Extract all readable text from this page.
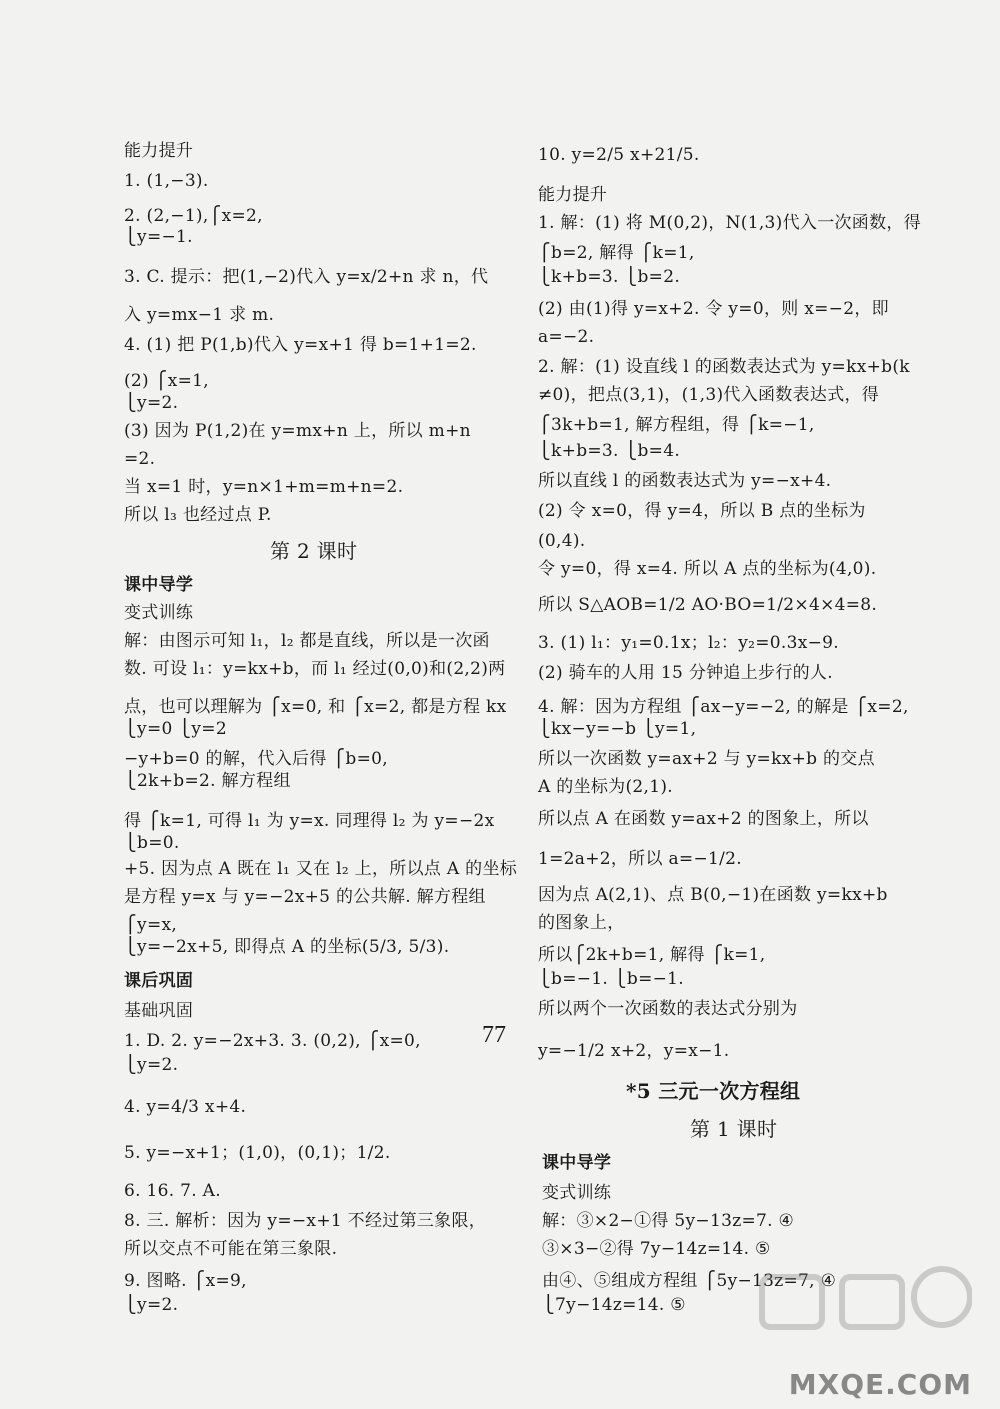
能力提升
1. (1,−3).
2. (2,−1),⎧x=2,
⎩y=−1.
3. C. 提示：把(1,−2)代入 y=x/2+n 求 n，代
入 y=mx−1 求 m.
4. (1) 把 P(1,b)代入 y=x+1 得 b=1+1=2.
(2) ⎧x=1,
⎩y=2.
(3) 因为 P(1,2)在 y=mx+n 上，所以 m+n
=2.
当 x=1 时，y=n×1+m=m+n=2.
所以 l₃ 也经过点 P.
第 2 课时
课中导学
变式训练
解：由图示可知 l₁，l₂ 都是直线，所以是一次函
数. 可设 l₁：y=kx+b，而 l₁ 经过(0,0)和(2,2)两
点，也可以理解为 ⎧x=0, 和 ⎧x=2, 都是方程 kx
⎩y=0 ⎩y=2
−y+b=0 的解，代入后得 ⎧b=0,
⎩2k+b=2. 解方程组
得 ⎧k=1, 可得 l₁ 为 y=x. 同理得 l₂ 为 y=−2x
⎩b=0.
+5. 因为点 A 既在 l₁ 又在 l₂ 上，所以点 A 的坐标
是方程 y=x 与 y=−2x+5 的公共解. 解方程组
⎧y=x,
⎩y=−2x+5, 即得点 A 的坐标(5/3, 5/3).
课后巩固
基础巩固
1. D. 2. y=−2x+3. 3. (0,2), ⎧x=0,
⎩y=2.
4. y=4/3 x+4.
5. y=−x+1；(1,0)，(0,1)；1/2.
6. 16. 7. A.
8. 三. 解析：因为 y=−x+1 不经过第三象限，
所以交点不可能在第三象限.
9. 图略. ⎧x=9,
⎩y=2.
10. y=2/5 x+21/5.
能力提升
1. 解：(1) 将 M(0,2)，N(1,3)代入一次函数，得
⎧b=2, 解得 ⎧k=1,
⎩k+b=3. ⎩b=2.
(2) 由(1)得 y=x+2. 令 y=0，则 x=−2，即
a=−2.
2. 解：(1) 设直线 l 的函数表达式为 y=kx+b(k
≠0)，把点(3,1)，(1,3)代入函数表达式，得
⎧3k+b=1, 解方程组，得 ⎧k=−1,
⎩k+b=3. ⎩b=4.
所以直线 l 的函数表达式为 y=−x+4.
(2) 令 x=0，得 y=4，所以 B 点的坐标为
(0,4).
令 y=0，得 x=4. 所以 A 点的坐标为(4,0).
所以 S△AOB=1/2 AO·BO=1/2×4×4=8.
3. (1) l₁：y₁=0.1x；l₂：y₂=0.3x−9.
(2) 骑车的人用 15 分钟追上步行的人.
4. 解：因为方程组 ⎧ax−y=−2, 的解是 ⎧x=2,
⎩kx−y=−b ⎩y=1,
所以一次函数 y=ax+2 与 y=kx+b 的交点
A 的坐标为(2,1).
所以点 A 在函数 y=ax+2 的图象上，所以
1=2a+2，所以 a=−1/2.
因为点 A(2,1)、点 B(0,−1)在函数 y=kx+b
的图象上，
所以⎧2k+b=1, 解得 ⎧k=1,
⎩b=−1. ⎩b=−1.
所以两个一次函数的表达式分别为
y=−1/2 x+2，y=x−1.
*5 三元一次方程组
第 1 课时
课中导学
变式训练
解：③×2−①得 5y−13z=7. ④
③×3−②得 7y−14z=14. ⑤
由④、⑤组成方程组 ⎧5y−13z=7, ④
⎩7y−14z=14. ⑤
77
MXQE.COM
